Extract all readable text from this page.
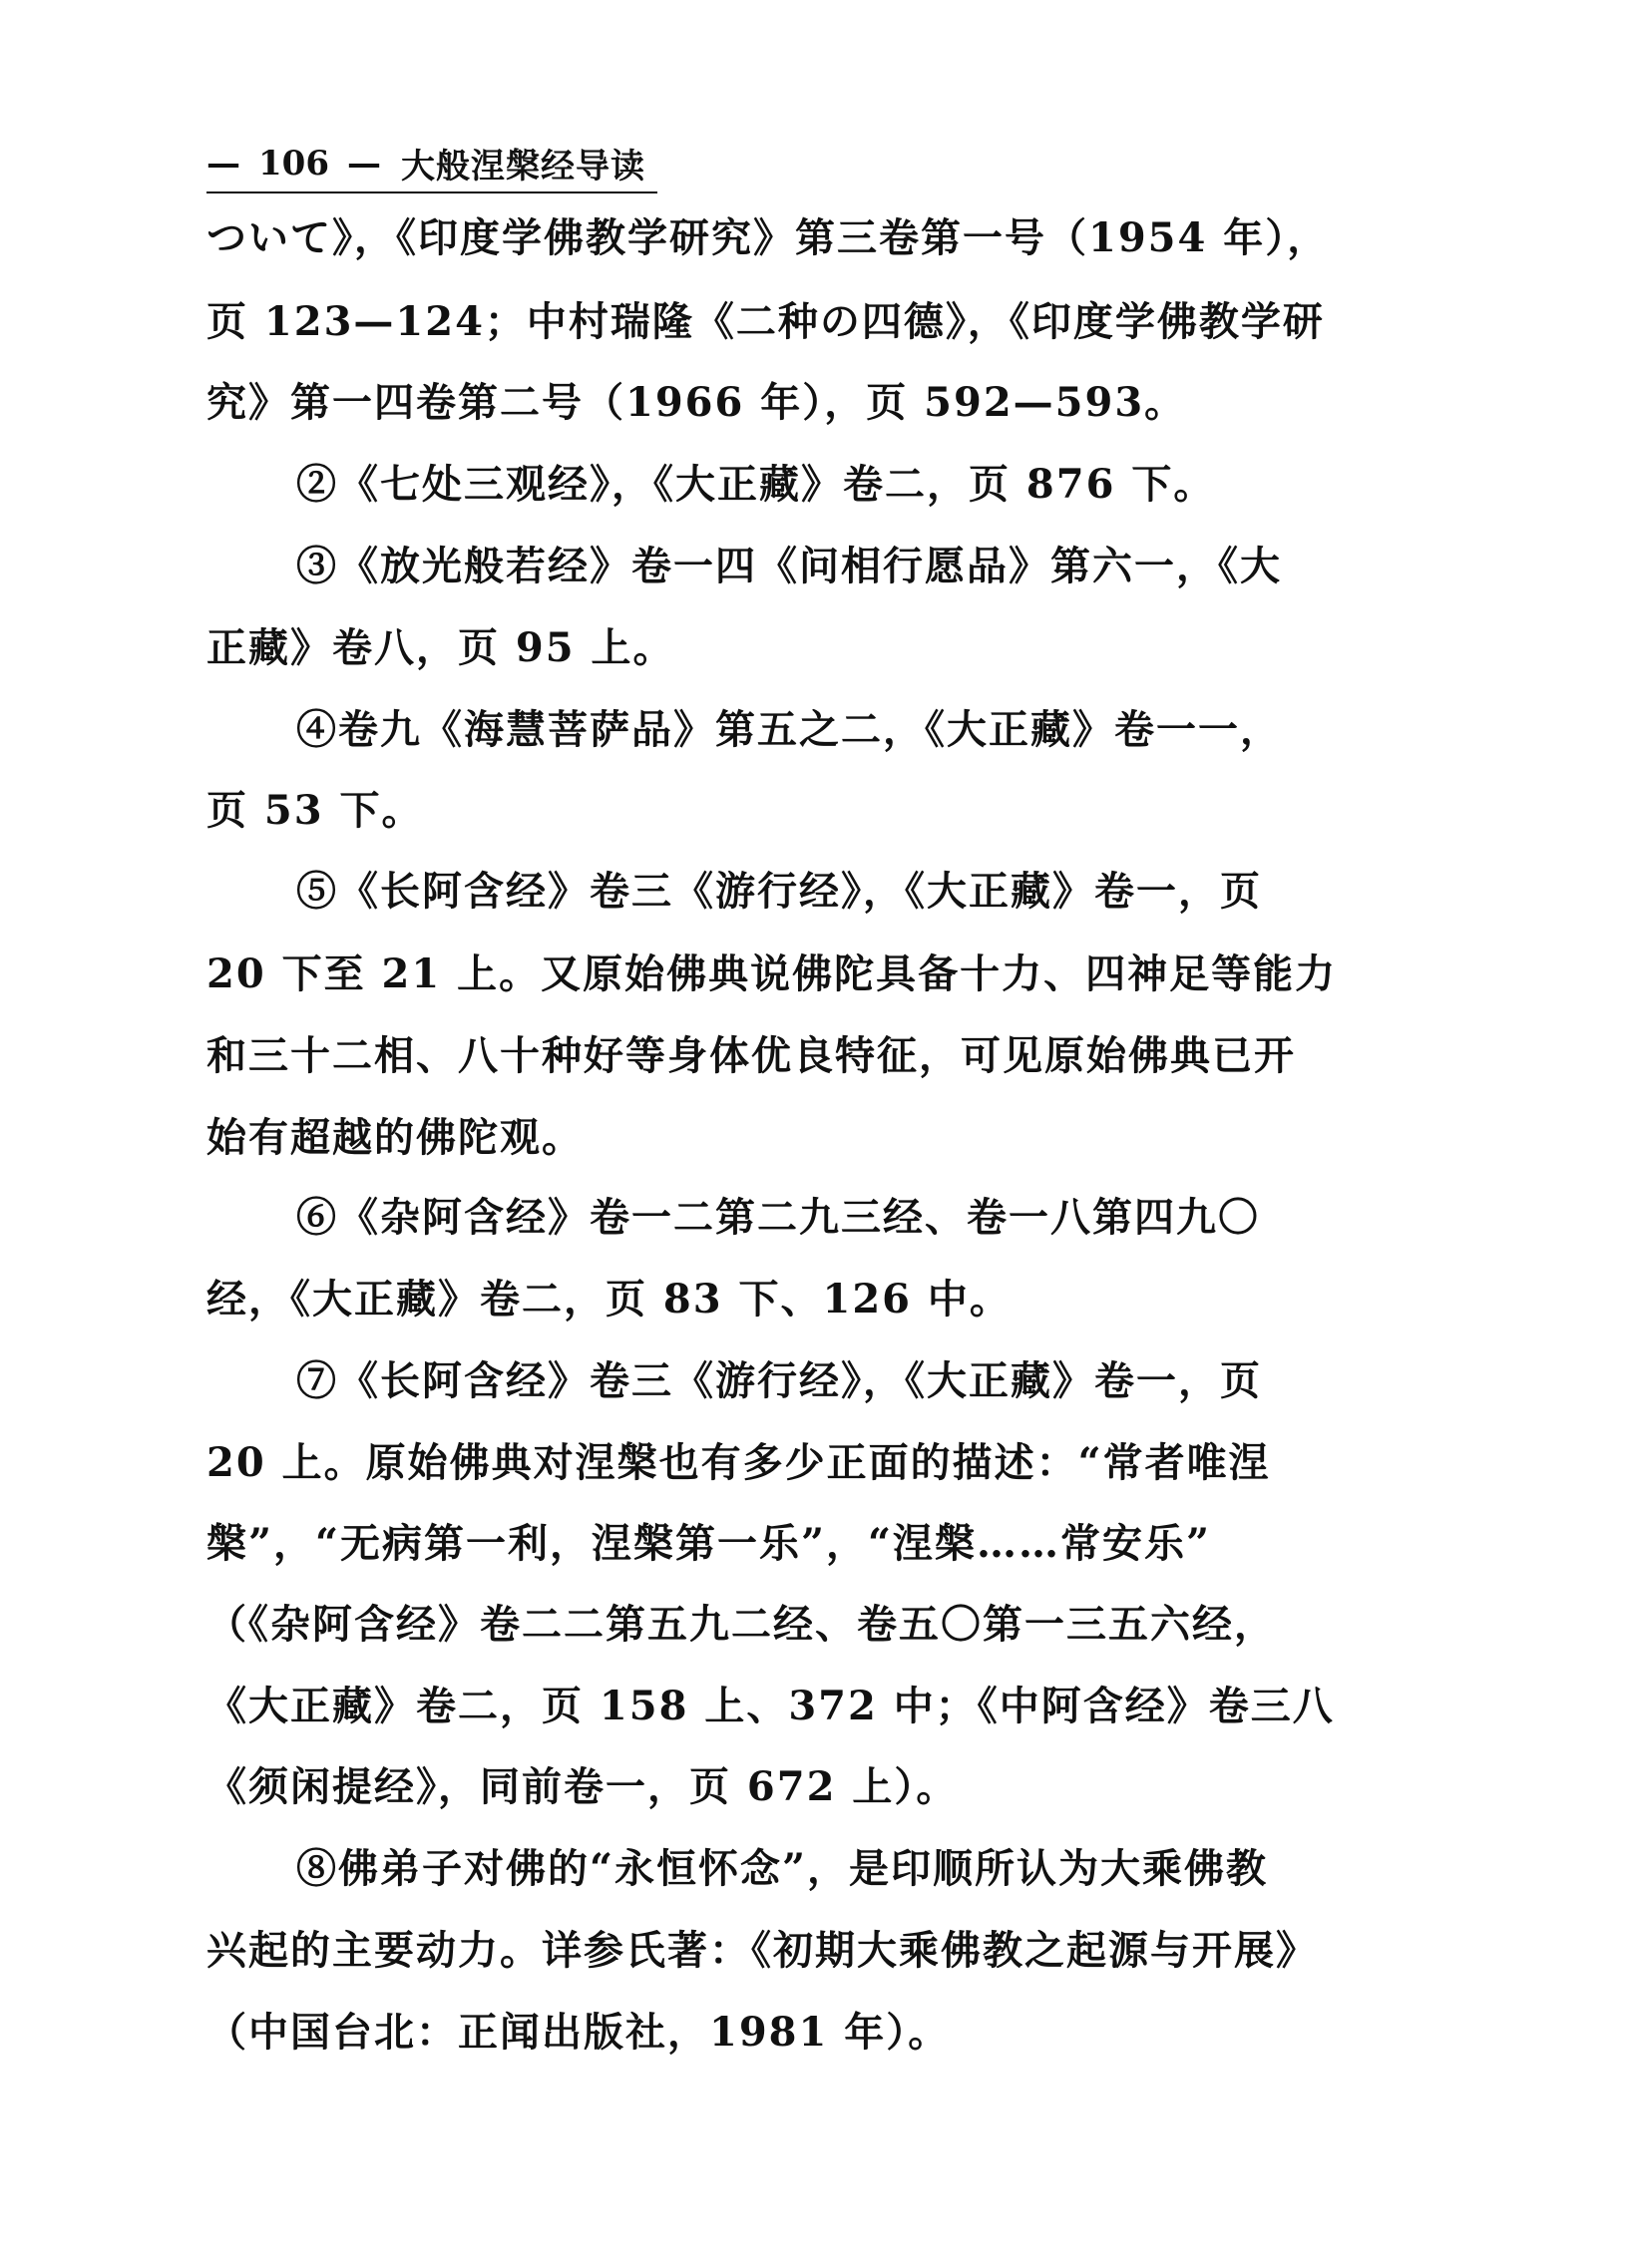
— 106 — 大般涅槃经导读
ついて》，《印度学佛教学研究》第三卷第一号（1954 年），
页 123—124；中村瑞隆《二种の四德》，《印度学佛教学研
究》第一四卷第二号（1966 年），页 592—593。
②《七处三观经》，《大正藏》卷二，页 876 下。
③《放光般若经》卷一四《问相行愿品》第六一，《大
正藏》卷八，页 95 上。
④卷九《海慧菩萨品》第五之二，《大正藏》卷一一，
页 53 下。
⑤《长阿含经》卷三《游行经》，《大正藏》卷一，页
20 下至 21 上。又原始佛典说佛陀具备十力、四神足等能力
和三十二相、八十种好等身体优良特征，可见原始佛典已开
始有超越的佛陀观。
⑥《杂阿含经》卷一二第二九三经、卷一八第四九〇
经，《大正藏》卷二，页 83 下、126 中。
⑦《长阿含经》卷三《游行经》，《大正藏》卷一，页
20 上。原始佛典对涅槃也有多少正面的描述：“常者唯涅
槃”，“无病第一利，涅槃第一乐”，“涅槃……常安乐”
（《杂阿含经》卷二二第五九二经、卷五〇第一三五六经，
《大正藏》卷二，页 158 上、372 中；《中阿含经》卷三八
《须闲提经》，同前卷一，页 672 上）。
⑧佛弟子对佛的“永恒怀念”，是印顺所认为大乘佛教
兴起的主要动力。详参氏著：《初期大乘佛教之起源与开展》
（中国台北：正闻出版社，1981 年）。
